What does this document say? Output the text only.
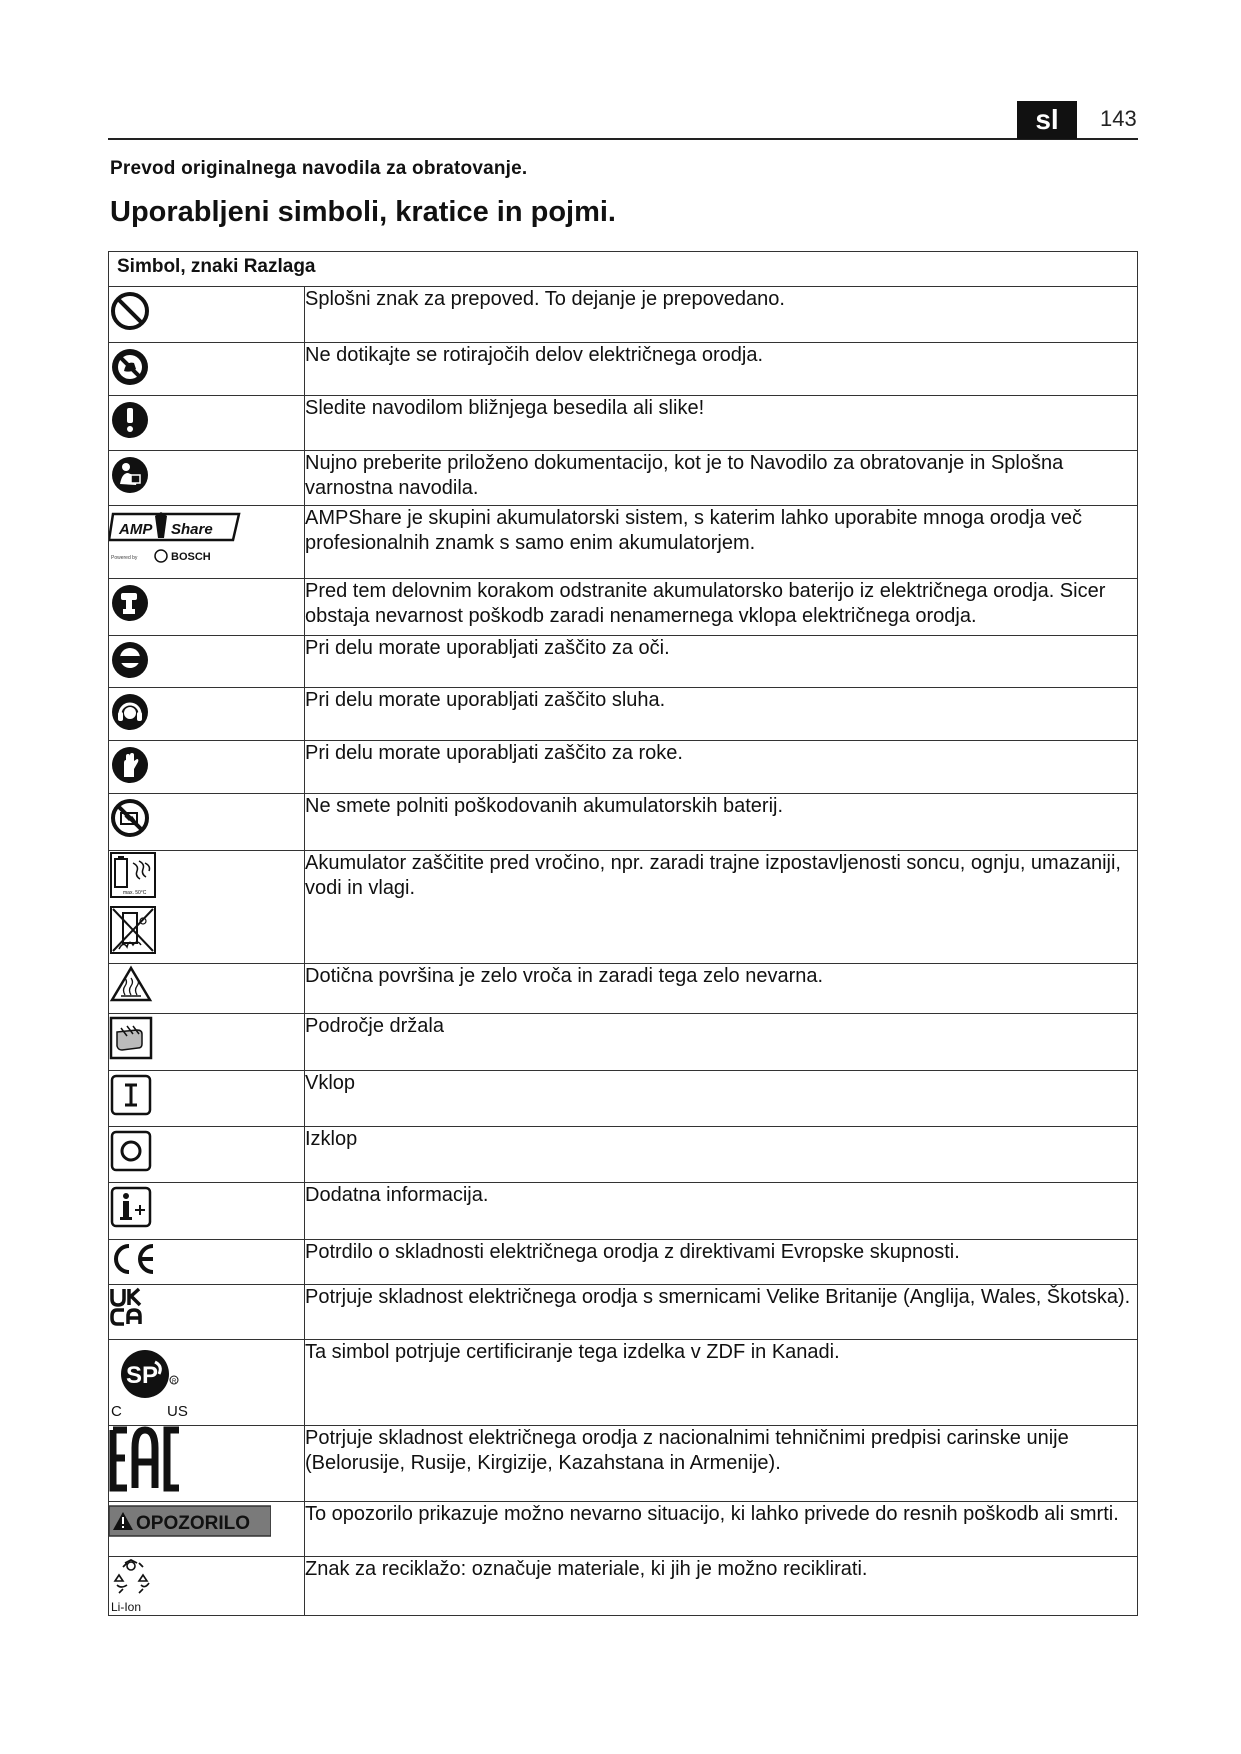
sl	143
Prevod originalnega navodila za obratovanje.
Uporabljeni simboli, kratice in pojmi.
Simbol, znaki Razlaga	

	Splošni znak za prepoved. To dejanje je prepovedano.

	Ne dotikajte se rotirajočih delov električnega orodja.

	Sledite navodilom bližnjega besedila ali slike!

	Nujno preberite priloženo dokumentacijo, kot je to Navodilo za obratovanje in Splošna varnostna navodila.

AMP Share
Powered by BOSCH	AMPShare je skupini akumulatorski sistem, s katerim lahko uporabite mnoga orodja več profesionalnih znamk s samo enim akumulatorjem.

	Pred tem delovnim korakom odstranite akumulatorsko baterijo iz električnega orodja. Sicer obstaja nevarnost poškodb zaradi nenamernega vklopa električnega orodja.

	Pri delu morate uporabljati zaščito za oči.

	Pri delu morate uporabljati zaščito sluha.

	Pri delu morate uporabljati zaščito za roke.

	Ne smete polniti poškodovanih akumulatorskih baterij.

max. 50°C	Akumulator zaščitite pred vročino, npr. zaradi trajne izpostavljenosti soncu, ognju, umazaniji, vodi in vlagi.

	Dotična površina je zelo vroča in zaradi tega zelo nevarna.

	Področje držala

	Vklop

	Izklop

	Dodatna informacija.

	Potrdilo o skladnosti električnega orodja z direktivami Evropske skupnosti.

	Potrjuje skladnost električnega orodja s smernicami Velike Britanije (Anglija, Wales, Škotska).

SP R
C US	Ta simbol potrjuje certificiranje tega izdelka v ZDF in Kanadi.

	Potrjuje skladnost električnega orodja z nacionalnimi tehničnimi predpisi carinske unije (Belorusije, Rusije, Kirgizije, Kazahstana in Armenije).

OPOZORILO	To opozorilo prikazuje možno nevarno situacijo, ki lahko privede do resnih poškodb ali smrti.

Li-Ion	Znak za reciklažo: označuje materiale, ki jih je možno reciklirati.
